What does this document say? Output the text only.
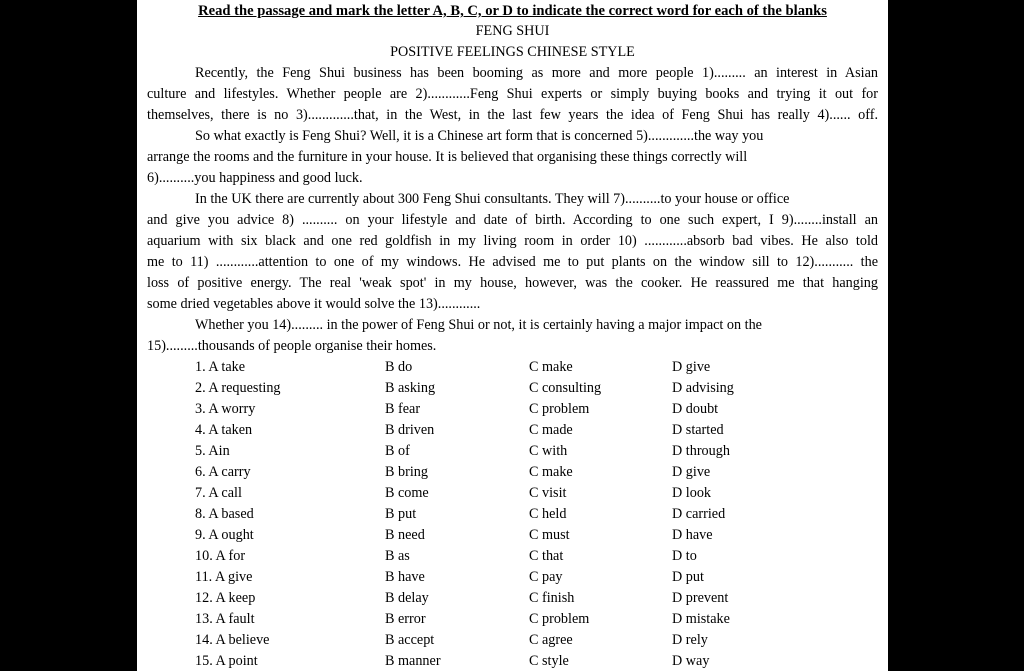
Read the passage and mark the letter A, B, C, or D to indicate the correct word for each of the blanks
FENG SHUI
POSITIVE FEELINGS CHINESE STYLE
Recently, the Feng Shui business has been booming as more and more people 1)......... an interest in Asian
culture and lifestyles. Whether people are 2)............Feng Shui experts or simply buying books and trying it out for
themselves, there is no 3).............that, in the West, in the last few years the idea of Feng Shui has really 4)...... off.
So what exactly is Feng Shui? Well, it is a Chinese art form that is concerned 5).............the way you
arrange the rooms and the furniture in your house. It is believed that organising these things correctly will
6)..........you happiness and good luck.
In the UK there are currently about 300 Feng Shui consultants. They will 7)..........to your house or office
and give you advice 8) .......... on your lifestyle and date of birth. According to one such expert, I 9)........install an
aquarium with six black and one red goldfish in my living room in order 10) ............absorb bad vibes. He also told
me to 11) ............attention to one of my windows. He advised me to put plants on the window sill to 12)........... the
loss of positive energy. The real 'weak spot' in my house, however, was the cooker. He reassured me that hanging
some dried vegetables above it would solve the 13)............
Whether you 14)......... in the power of Feng Shui or not, it is certainly having a major impact on the
15).........thousands of people organise their homes.
1. A take	B do	C make	D give
2. A requesting	B asking	C consulting	D advising
3. A worry	B fear	C problem	D doubt
4. A taken	B driven	C made	D started
5. Ain	B of	C with	D through
6. A carry	B bring	C make	D give
7. A call	B come	C visit	D look
8. A based	B put	C held	D carried
9. A ought	B need	C must	D have
10. A for	B as	C that	D to
11. A give	B have	C pay	D put
12. A keep	B delay	C finish	D prevent
13. A fault	B error	C problem	D mistake
14. A believe	B accept	C agree	D rely
15. A point	B manner	C style	D way
